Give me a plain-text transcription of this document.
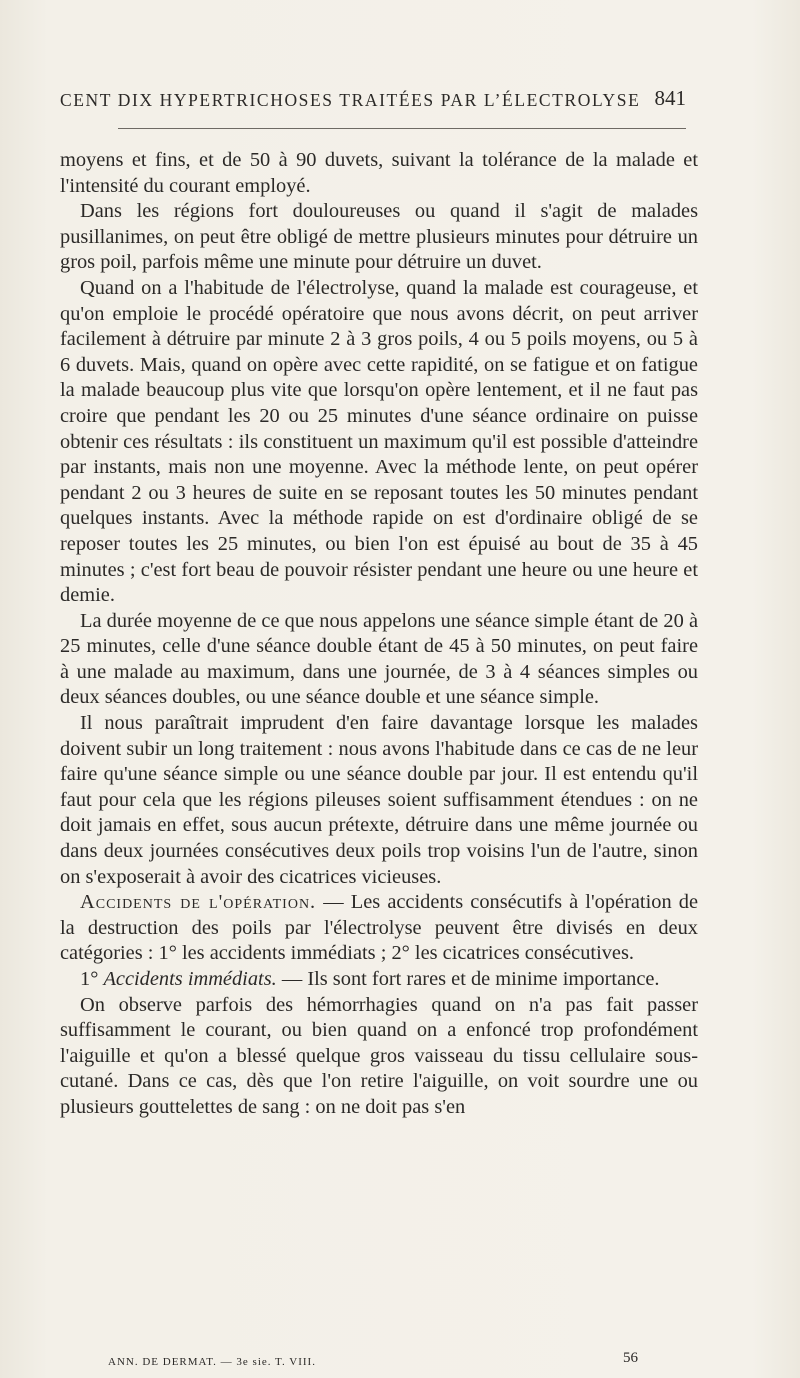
CENT DIX HYPERTRICHOSES TRAITÉES PAR L’ÉLECTROLYSE 841

moyens et fins, et de 50 à 90 duvets, suivant la tolérance de la malade et l'intensité du courant employé.

Dans les régions fort douloureuses ou quand il s'agit de malades pusillanimes, on peut être obligé de mettre plusieurs minutes pour détruire un gros poil, parfois même une minute pour détruire un duvet.

Quand on a l'habitude de l'électrolyse, quand la malade est courageuse, et qu'on emploie le procédé opératoire que nous avons décrit, on peut arriver facilement à détruire par minute 2 à 3 gros poils, 4 ou 5 poils moyens, ou 5 à 6 duvets. Mais, quand on opère avec cette rapidité, on se fatigue et on fatigue la malade beaucoup plus vite que lorsqu'on opère lentement, et il ne faut pas croire que pendant les 20 ou 25 minutes d'une séance ordinaire on puisse obtenir ces résultats : ils constituent un maximum qu'il est possible d'atteindre par instants, mais non une moyenne. Avec la méthode lente, on peut opérer pendant 2 ou 3 heures de suite en se reposant toutes les 50 minutes pendant quelques instants. Avec la méthode rapide on est d'ordinaire obligé de se reposer toutes les 25 minutes, ou bien l'on est épuisé au bout de 35 à 45 minutes ; c'est fort beau de pouvoir résister pendant une heure ou une heure et demie.

La durée moyenne de ce que nous appelons une séance simple étant de 20 à 25 minutes, celle d'une séance double étant de 45 à 50 minutes, on peut faire à une malade au maximum, dans une journée, de 3 à 4 séances simples ou deux séances doubles, ou une séance double et une séance simple.

Il nous paraîtrait imprudent d'en faire davantage lorsque les malades doivent subir un long traitement : nous avons l'habitude dans ce cas de ne leur faire qu'une séance simple ou une séance double par jour. Il est entendu qu'il faut pour cela que les régions pileuses soient suffisamment étendues : on ne doit jamais en effet, sous aucun prétexte, détruire dans une même journée ou dans deux journées consécutives deux poils trop voisins l'un de l'autre, sinon on s'exposerait à avoir des cicatrices vicieuses.

Accidents de l'opération. — Les accidents consécutifs à l'opération de la destruction des poils par l'électrolyse peuvent être divisés en deux catégories : 1° les accidents immédiats ; 2° les cicatrices consécutives.

1° Accidents immédiats. — Ils sont fort rares et de minime importance.

On observe parfois des hémorrhagies quand on n'a pas fait passer suffisamment le courant, ou bien quand on a enfoncé trop profondément l'aiguille et qu'on a blessé quelque gros vaisseau du tissu cellulaire sous-cutané. Dans ce cas, dès que l'on retire l'aiguille, on voit sourdre une ou plusieurs gouttelettes de sang : on ne doit pas s'en

ANN. DE DERMAT. — 3e sie. T. VIII.	56
